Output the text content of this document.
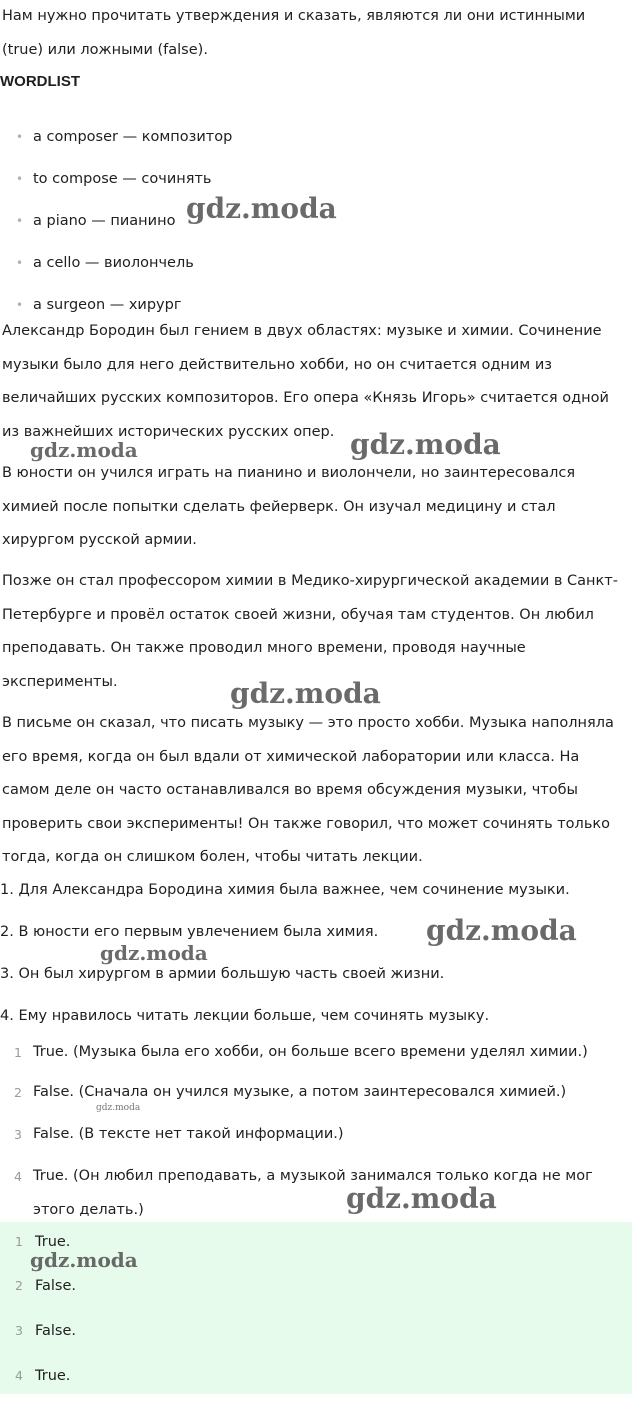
Нам нужно прочитать утверждения и сказать, являются ли они истинными (true) или ложными (false).

WORDLIST
• a composer — композитор
• to compose — сочинять
• a piano — пианино
• a cello — виолончель
• a surgeon — хирург

Александр Бородин был гением в двух областях: музыке и химии. Сочинение музыки было для него действительно хобби, но он считается одним из величайших русских композиторов. Его опера «Князь Игорь» считается одной из важнейших исторических русских опер.

В юности он учился играть на пианино и виолончели, но заинтересовался химией после попытки сделать фейерверк. Он изучал медицину и стал хирургом русской армии.

Позже он стал профессором химии в Медико-хирургической академии в Санкт-Петербурге и провёл остаток своей жизни, обучая там студентов. Он любил преподавать. Он также проводил много времени, проводя научные эксперименты.

В письме он сказал, что писать музыку — это просто хобби. Музыка наполняла его время, когда он был вдали от химической лаборатории или класса. На самом деле он часто останавливался во время обсуждения музыки, чтобы проверить свои эксперименты! Он также говорил, что может сочинять только тогда, когда он слишком болен, чтобы читать лекции.

1. Для Александра Бородина химия была важнее, чем сочинение музыки.

2. В юности его первым увлечением была химия.

3. Он был хирургом в армии большую часть своей жизни.

4. Ему нравилось читать лекции больше, чем сочинять музыку.

1 True. (Музыка была его хобби, он больше всего времени уделял химии.)
2 False. (Сначала он учился музыке, а потом заинтересовался химией.)
3 False. (В тексте нет такой информации.)
4 True. (Он любил преподавать, а музыкой занимался только когда не мог этого делать.)
1 True.
2 False.
3 False.
4 True.
gdz.moda
gdz.moda	gdz.moda
gdz.moda
gdz.moda
gdz.moda
gdz.moda
gdz.moda
gdz.moda
